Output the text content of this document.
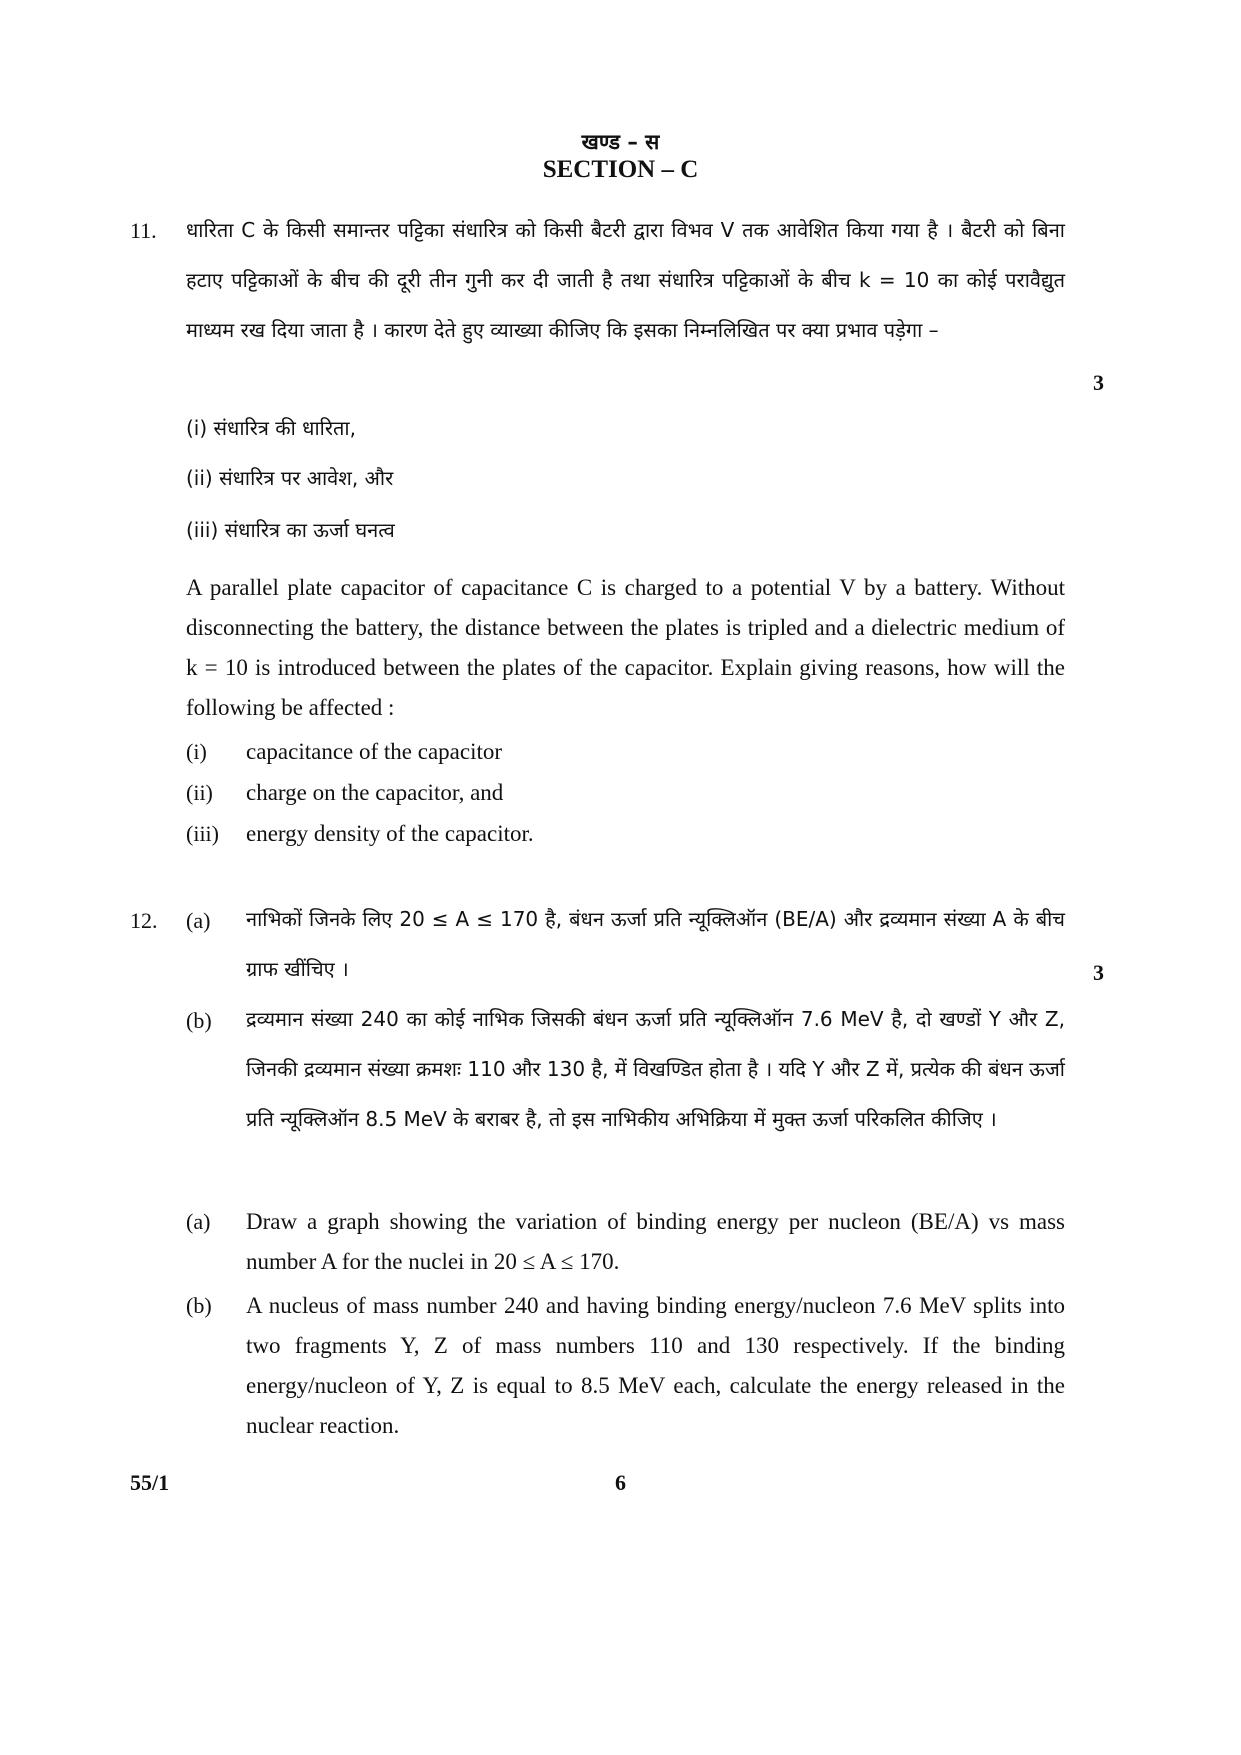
खण्ड – स
SECTION – C
11. धारिता C के किसी समान्तर पट्टिका संधारित्र को किसी बैटरी द्वारा विभव V तक आवेशित किया गया है । बैटरी को बिना हटाए पट्टिकाओं के बीच की दूरी तीन गुनी कर दी जाती है तथा संधारित्र पट्टिकाओं के बीच k = 10 का कोई परावैद्युत माध्यम रख दिया जाता है । कारण देते हुए व्याख्या कीजिए कि इसका निम्नलिखित पर क्या प्रभाव पड़ेगा –
3
(i) संधारित्र की धारिता,
(ii) संधारित्र पर आवेश, और
(iii) संधारित्र का ऊर्जा घनत्व
A parallel plate capacitor of capacitance C is charged to a potential V by a battery. Without disconnecting the battery, the distance between the plates is tripled and a dielectric medium of k = 10 is introduced between the plates of the capacitor. Explain giving reasons, how will the following be affected :
(i) capacitance of the capacitor
(ii) charge on the capacitor, and
(iii) energy density of the capacitor.
12. (a) नाभिकों जिनके लिए 20 ≤ A ≤ 170 है, बंधन ऊर्जा प्रति न्यूक्लिऑन (BE/A) और द्रव्यमान संख्या A के बीच ग्राफ खींचिए ।	3
(b) द्रव्यमान संख्या 240 का कोई नाभिक जिसकी बंधन ऊर्जा प्रति न्यूक्लिऑन 7.6 MeV है, दो खण्डों Y और Z, जिनकी द्रव्यमान संख्या क्रमशः 110 और 130 है, में विखण्डित होता है । यदि Y और Z में, प्रत्येक की बंधन ऊर्जा प्रति न्यूक्लिऑन 8.5 MeV के बराबर है, तो इस नाभिकीय अभिक्रिया में मुक्त ऊर्जा परिकलित कीजिए ।
(a) Draw a graph showing the variation of binding energy per nucleon (BE/A) vs mass number A for the nuclei in 20 ≤ A ≤ 170.
(b) A nucleus of mass number 240 and having binding energy/nucleon 7.6 MeV splits into two fragments Y, Z of mass numbers 110 and 130 respectively. If the binding energy/nucleon of Y, Z is equal to 8.5 MeV each, calculate the energy released in the nuclear reaction.
55/1	6
